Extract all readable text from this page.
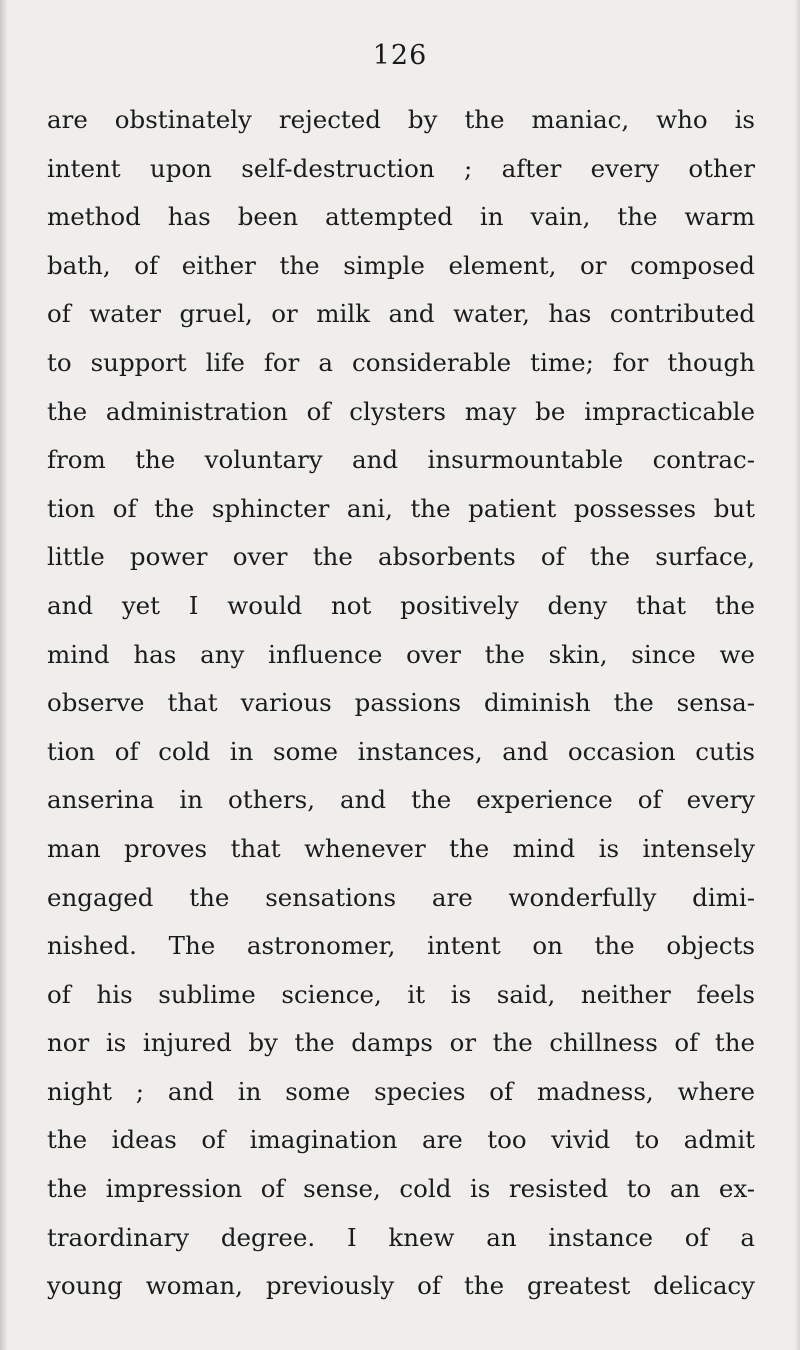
126
are obstinately rejected by the maniac, who is
intent upon self-destruction ; after every other
method has been attempted in vain, the warm
bath, of either the simple element, or composed
of water gruel, or milk and water, has contributed
to support life for a considerable time; for though
the administration of clysters may be impracticable
from the voluntary and insurmountable contrac-
tion of the sphincter ani, the patient possesses but
little power over the absorbents of the surface,
and yet I would not positively deny that the
mind has any influence over the skin, since we
observe that various passions diminish the sensa-
tion of cold in some instances, and occasion cutis
anserina in others, and the experience of every
man proves that whenever the mind is intensely
engaged the sensations are wonderfully dimi-
nished. The astronomer, intent on the objects
of his sublime science, it is said, neither feels
nor is injured by the damps or the chillness of the
night ; and in some species of madness, where
the ideas of imagination are too vivid to admit
the impression of sense, cold is resisted to an ex-
traordinary degree. I knew an instance of a
young woman, previously of the greatest delicacy
